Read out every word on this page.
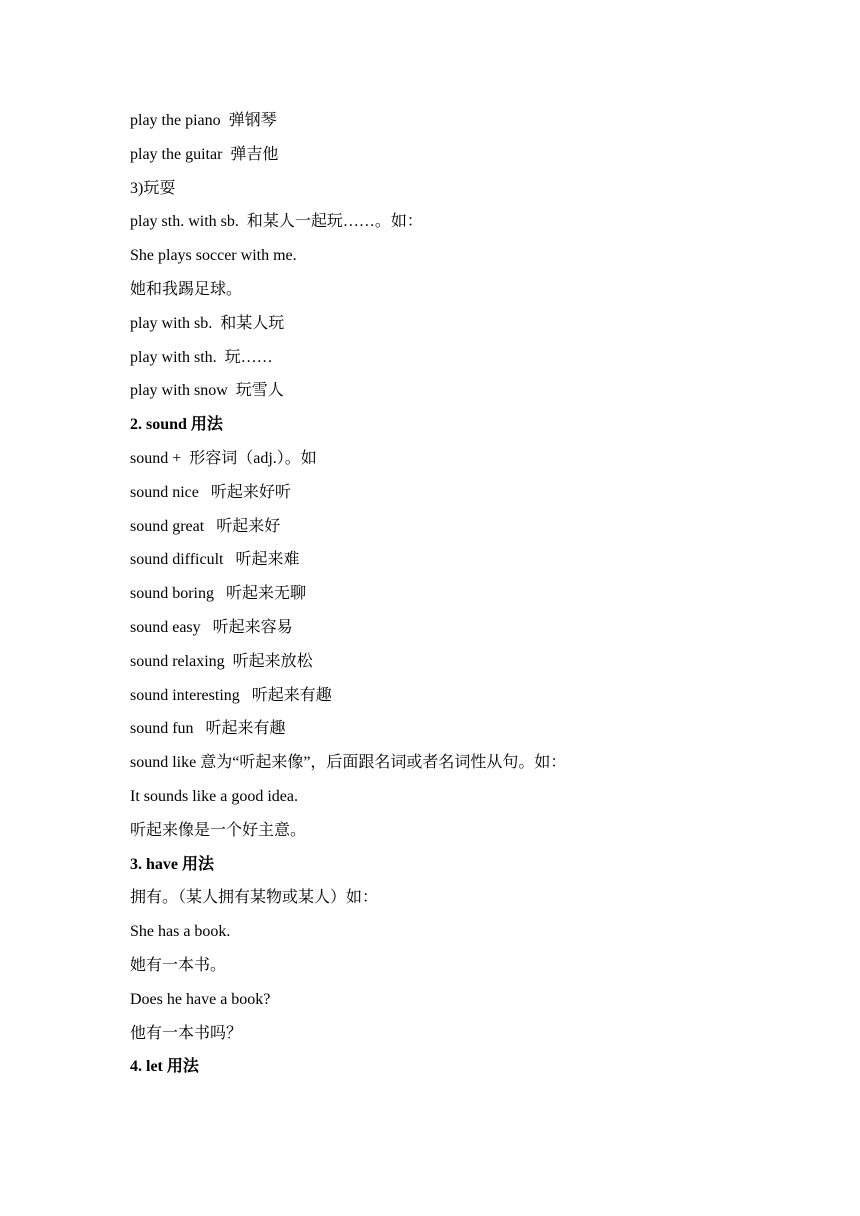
play the piano  弹钢琴

play the guitar  弹吉他

3)玩耍

play sth. with sb.  和某人一起玩……。如：

She plays soccer with me.

她和我踢足球。

play with sb.  和某人玩

play with sth.  玩……

play with snow  玩雪人

2. sound 用法

sound +  形容词（adj.）。如

sound nice   听起来好听

sound great   听起来好

sound difficult   听起来难

sound boring   听起来无聊

sound easy   听起来容易

sound relaxing  听起来放松

sound interesting   听起来有趣

sound fun   听起来有趣

sound like 意为“听起来像”，后面跟名词或者名词性从句。如：

It sounds like a good idea.

听起来像是一个好主意。

3. have 用法

拥有。（某人拥有某物或某人）如：

She has a book.

她有一本书。

Does he have a book?

他有一本书吗？

4. let 用法
